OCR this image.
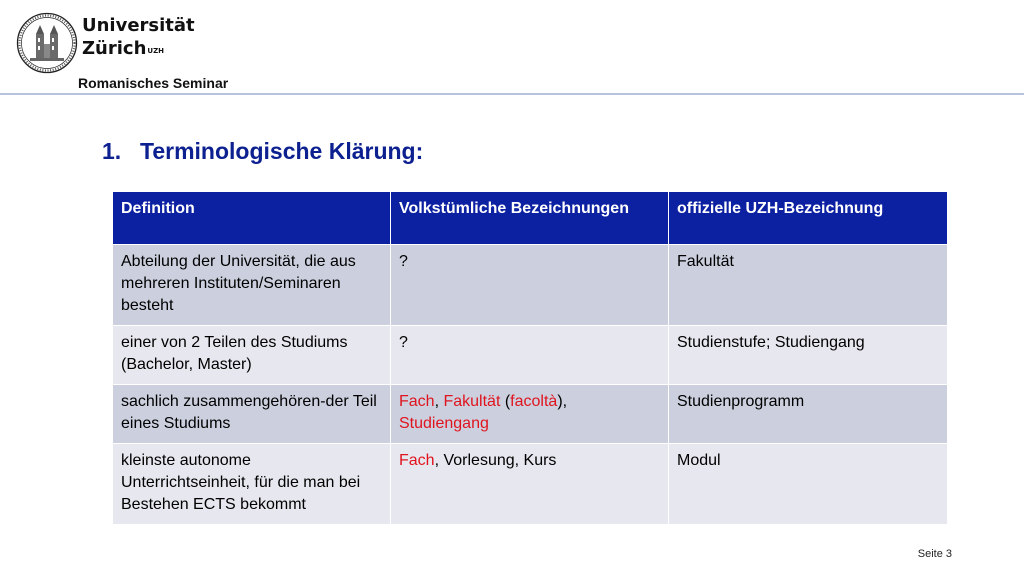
Universität
Zürich$^{UZH}$
Romanisches Seminar
1. Terminologische Klärung:
Definition	Volkstümliche Bezeichnungen	offizielle UZH-Bezeichnung
Abteilung der Universität, die aus mehreren Instituten/Seminaren besteht	?	Fakultät
einer von 2 Teilen des Studiums (Bachelor, Master)	?	Studienstufe; Studiengang
sachlich zusammengehören-der Teil eines Studiums	Fach, Fakultät (facoltà), Studiengang	Studienprogramm
kleinste autonome Unterrichtseinheit, für die man bei Bestehen ECTS bekommt	Fach, Vorlesung, Kurs	Modul
Seite 3
